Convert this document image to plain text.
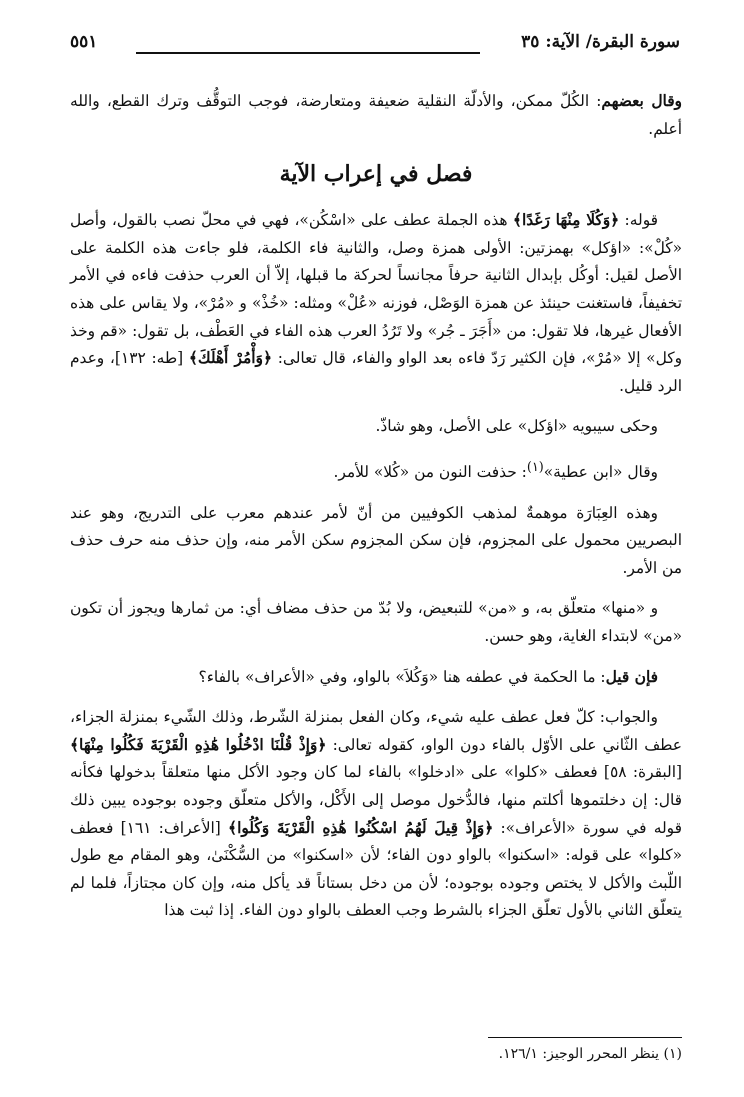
سورة البقرة/ الآية: ٣٥
٥٥١

وقال بعضهم: الكُلّ ممكن، والأدلّة النقلية ضعيفة ومتعارضة، فوجب التوقُّف وترك القطع، والله أعلم.

فصل في إعراب الآية

قوله: ﴿وَكُلَا مِنْهَا رَغَدًا﴾ هذه الجملة عطف على «اسْكُن»، فهي في محلّ نصب بالقول، وأصل «كُلْ»: «اؤكل» بهمزتين: الأولى همزة وصل، والثانية فاء الكلمة، فلو جاءت هذه الكلمة على الأصل لقيل: أوكُل بإبدال الثانية حرفاً مجانساً لحركة ما قبلها، إلاّ أن العرب حذفت فاءه في الأمر تخفيفاً، فاستغنت حينئذ عن همزة الوَصْل، فوزنه «عُلْ» ومثله: «خُذْ» و «مُرْ»، ولا يقاس على هذه الأفعال غيرها، فلا تقول: من «أَجَرَ ـ جُر» ولا تَرُدُ العرب هذه الفاء في العَطْف، بل تقول: «قم وخذ وكل» إلا «مُرْ»، فإن الكثير رَدّ فاءه بعد الواو والفاء، قال تعالى: ﴿وَأْمُرْ أَهْلَكَ﴾ [طه: ١٣٢]، وعدم الرد قليل.

وحكى سيبويه «اؤكل» على الأصل، وهو شاذّ.

وقال «ابن عطية»$^{(١)}$: حذفت النون من «كُلا» للأمر.

وهذه العِبَارَة موهمةٌ لمذهب الكوفيين من أنّ لأمر عندهم معرب على التدريج، وهو عند البصريين محمول على المجزوم، فإن سكن المجزوم سكن الأمر منه، وإن حذف منه حرف حذف من الأمر.

و «منها» متعلّق به، و «من» للتبعيض، ولا بُدّ من حذف مضاف أي: من ثمارها ويجوز أن تكون «من» لابتداء الغاية، وهو حسن.

فإن قيل: ما الحكمة في عطفه هنا «وَكُلاَ» بالواو، وفي «الأعراف» بالفاء؟

والجواب: كلّ فعل عطف عليه شيء، وكان الفعل بمنزلة الشّرط، وذلك الشّيء بمنزلة الجزاء، عطف الثّاني على الأوّل بالفاء دون الواو، كقوله تعالى: ﴿وَإِذْ قُلْنَا ادْخُلُوا هَٰذِهِ الْقَرْيَةَ فَكُلُوا مِنْهَا﴾ [البقرة: ٥٨] فعطف «كلوا» على «ادخلوا» بالفاء لما كان وجود الأكل منها متعلقاً بدخولها فكأنه قال: إن دخلتموها أكلتم منها، فالدُّخول موصل إلى الأَكْل، والأكل متعلّق وجوده بوجوده يبين ذلك قوله في سورة «الأعراف»: ﴿وَإِذْ قِيلَ لَهُمُ اسْكُنُوا هَٰذِهِ الْقَرْيَةَ وَكُلُوا﴾ [الأعراف: ١٦١] فعطف «كلوا» على قوله: «اسكنوا» بالواو دون الفاء؛ لأن «اسكنوا» من السُّكْنَىٰ، وهو المقام مع طول اللّبث والأكل لا يختص وجوده بوجوده؛ لأن من دخل بستاناً قد يأكل منه، وإن كان مجتازاً، فلما لم يتعلّق الثاني بالأول تعلّق الجزاء بالشرط وجب العطف بالواو دون الفاء. إذا ثبت هذا

(١) ينظر المحرر الوجيز: ١٢٦/١.
